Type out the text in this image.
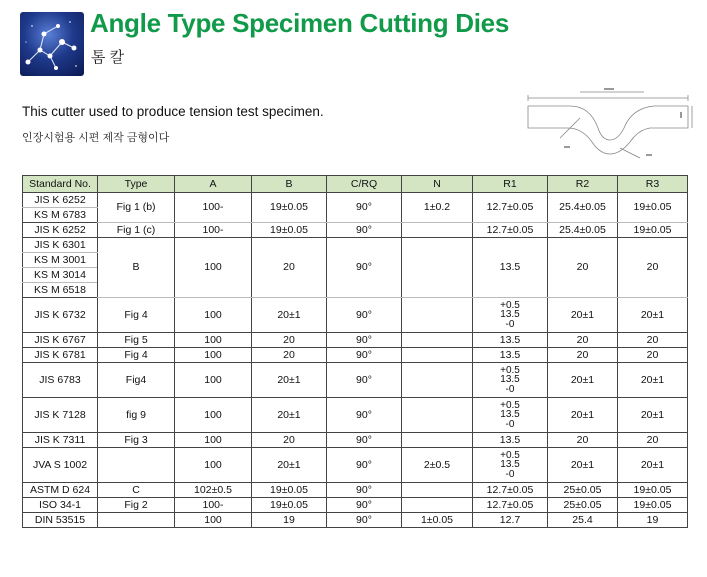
Angle Type Specimen Cutting Dies
톰 칼
This cutter used to produce tension test specimen.
인장시험용 시편 제작 금형이다
Standard No.	Type	A	B	C/RQ	N	R1	R2	R3
JIS K 6252	Fig 1 (b)	100-	19±0.05	90°	1±0.2	12.7±0.05	25.4±0.05	19±0.05
KS M 6783								
JIS K 6252	Fig 1 (c)	100-	19±0.05	90°		12.7±0.05	25.4±0.05	19±0.05
JIS K 6301	B	100	20	90°		13.5	20	20
KS M 3001								
KS M 3014								
KS M 6518								
JIS K 6732	Fig 4	100	20±1	90°		+0.5
13.5
-0	20±1	20±1
JIS K 6767	Fig 5	100	20	90°		13.5	20	20
JIS K 6781	Fig 4	100	20	90°		13.5	20	20
JIS 6783	Fig4	100	20±1	90°		+0.5
13.5
-0	20±1	20±1
JIS K 7128	fig 9	100	20±1	90°		+0.5
13.5
-0	20±1	20±1
JIS K 7311	Fig 3	100	20	90°		13.5	20	20
JVA S 1002		100	20±1	90°	2±0.5	+0.5
13.5
-0	20±1	20±1
ASTM D 624	C	102±0.5	19±0.05	90°		12.7±0.05	25±0.05	19±0.05
ISO 34-1	Fig 2	100-	19±0.05	90°		12.7±0.05	25±0.05	19±0.05
DIN 53515		100	19	90°	1±0.05	12.7	25.4	19
